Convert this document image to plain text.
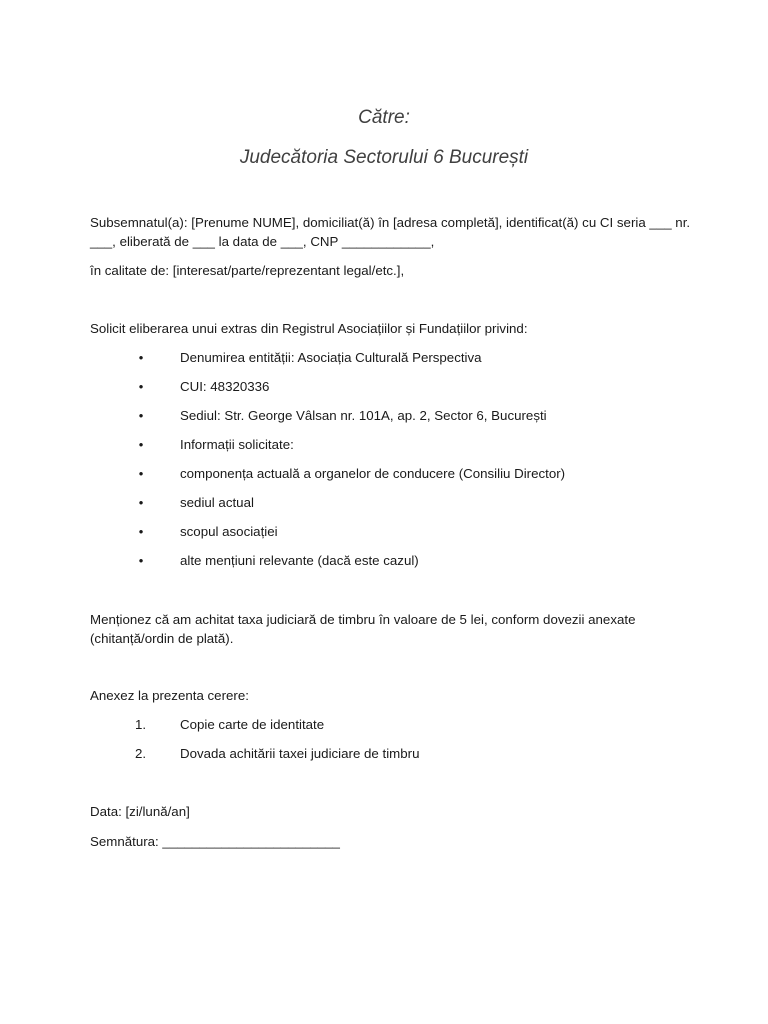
Către:
Judecătoria Sectorului 6 București

Subsemnatul(a): [Prenume NUME], domiciliat(ă) în [adresa completă], identificat(ă) cu CI seria ___ nr.

___, eliberată de ___ la data de ___, CNP ____________,

în calitate de: [interesat/parte/reprezentant legal/etc.],

Solicit eliberarea unui extras din Registrul Asociațiilor și Fundațiilor privind:

•	Denumirea entității: Asociația Culturală Perspectiva
•	CUI: 48320336
•	Sediul: Str. George Vâlsan nr. 101A, ap. 2, Sector 6, București
•	Informații solicitate:
•	componența actuală a organelor de conducere (Consiliu Director)
•	sediul actual
•	scopul asociației
•	alte mențiuni relevante (dacă este cazul)

Menționez că am achitat taxa judiciară de timbru în valoare de 5 lei, conform dovezii anexate

(chitanță/ordin de plată).

Anexez la prezenta cerere:

1.	Copie carte de identitate
2.	Dovada achitării taxei judiciare de timbru

Data: [zi/lună/an]

Semnătura: ________________________
